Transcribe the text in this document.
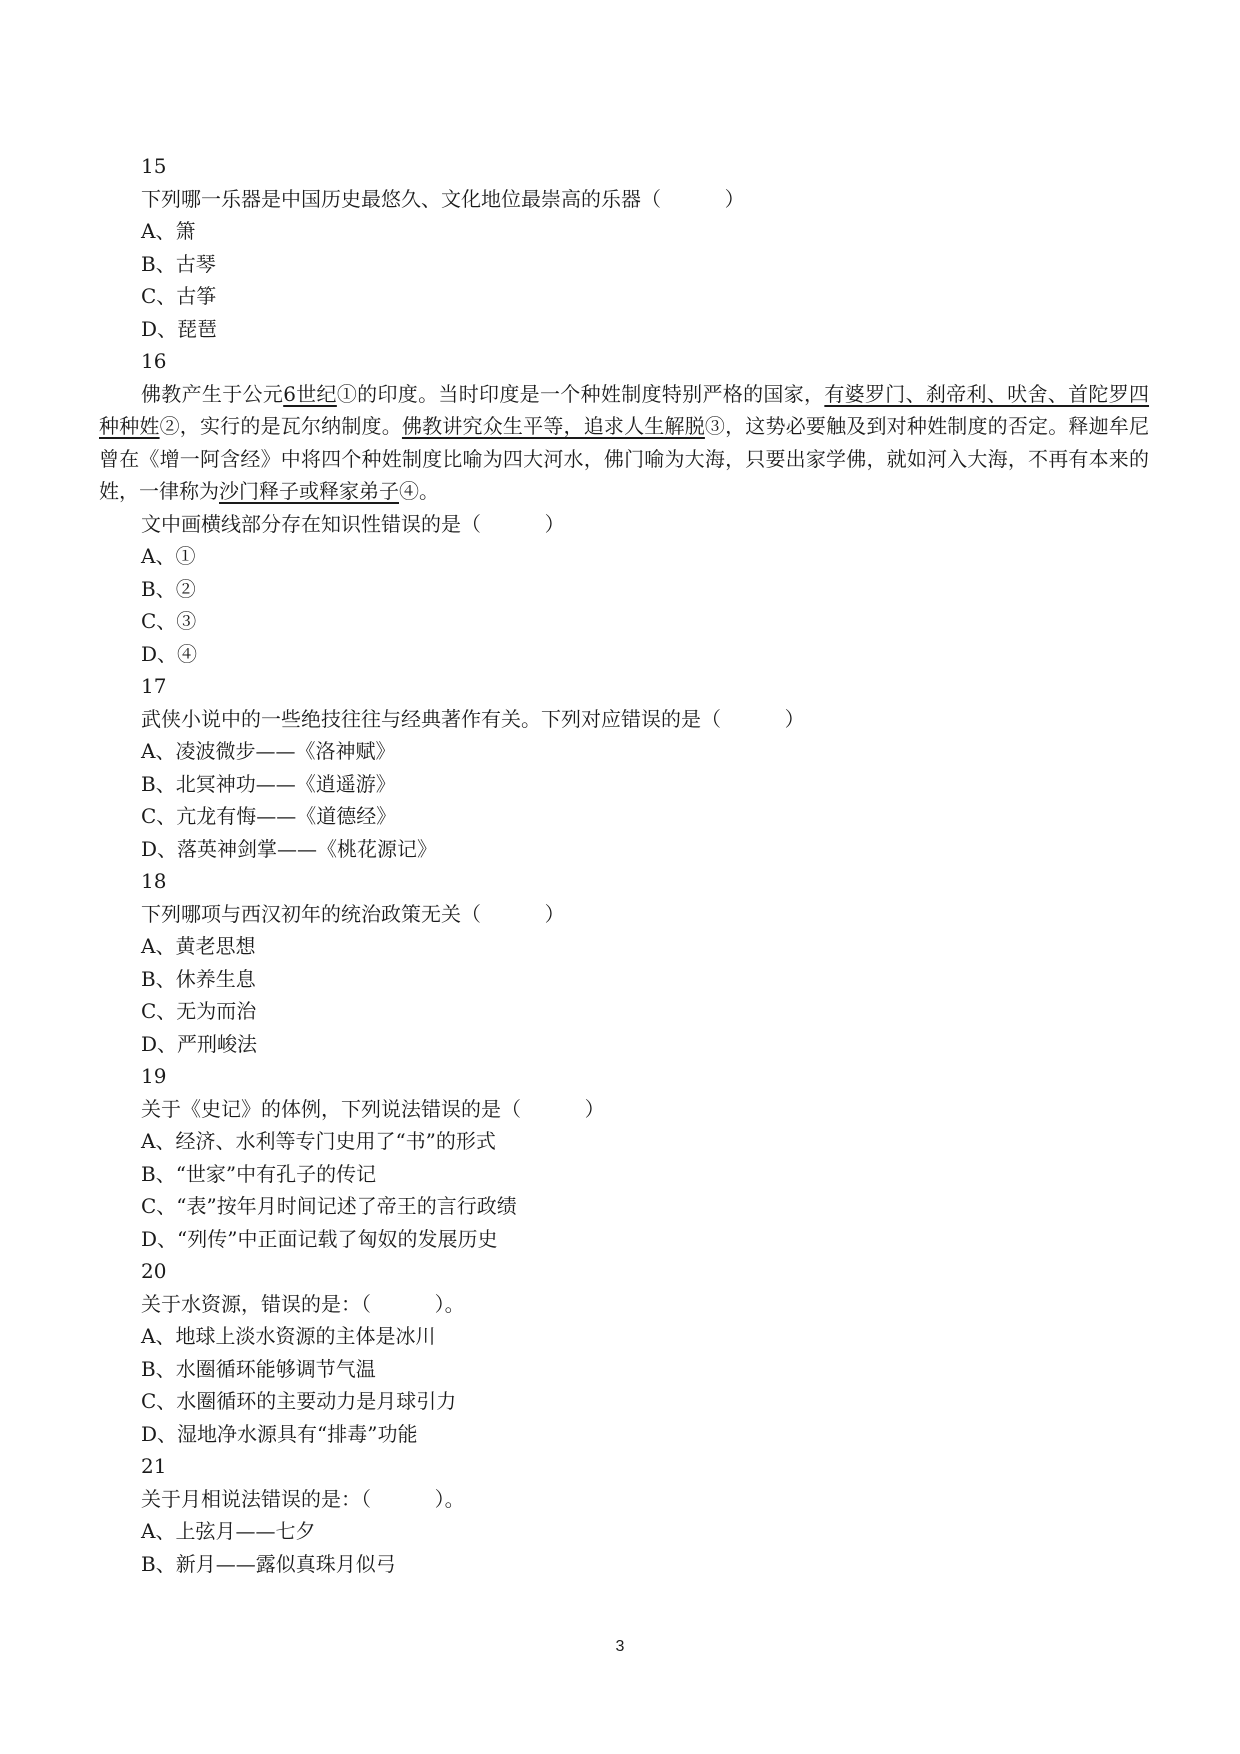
15
下列哪一乐器是中国历史最悠久、文化地位最崇高的乐器（          ）
A、箫
B、古琴
C、古筝
D、琵琶
16
佛教产生于公元6世纪①的印度。当时印度是一个种姓制度特别严格的国家，有婆罗门、刹帝利、吠舍、首陀罗四种种姓②，实行的是瓦尔纳制度。佛教讲究众生平等，追求人生解脱③，这势必要触及到对种姓制度的否定。释迦牟尼曾在《增一阿含经》中将四个种姓制度比喻为四大河水，佛门喻为大海，只要出家学佛，就如河入大海，不再有本来的姓，一律称为沙门释子或释家弟子④。
文中画横线部分存在知识性错误的是（          ）
A、①
B、②
C、③
D、④
17
武侠小说中的一些绝技往往与经典著作有关。下列对应错误的是（          ）
A、凌波微步——《洛神赋》
B、北冥神功——《逍遥游》
C、亢龙有悔——《道德经》
D、落英神剑掌——《桃花源记》
18
下列哪项与西汉初年的统治政策无关（          ）
A、黄老思想
B、休养生息
C、无为而治
D、严刑峻法
19
关于《史记》的体例，下列说法错误的是（          ）
A、经济、水利等专门史用了“书”的形式
B、“世家”中有孔子的传记
C、“表”按年月时间记述了帝王的言行政绩
D、“列传”中正面记载了匈奴的发展历史
20
关于水资源，错误的是：（          ）。
A、地球上淡水资源的主体是冰川
B、水圈循环能够调节气温
C、水圈循环的主要动力是月球引力
D、湿地净水源具有“排毒”功能
21
关于月相说法错误的是：（          ）。
A、上弦月——七夕
B、新月——露似真珠月似弓
3
